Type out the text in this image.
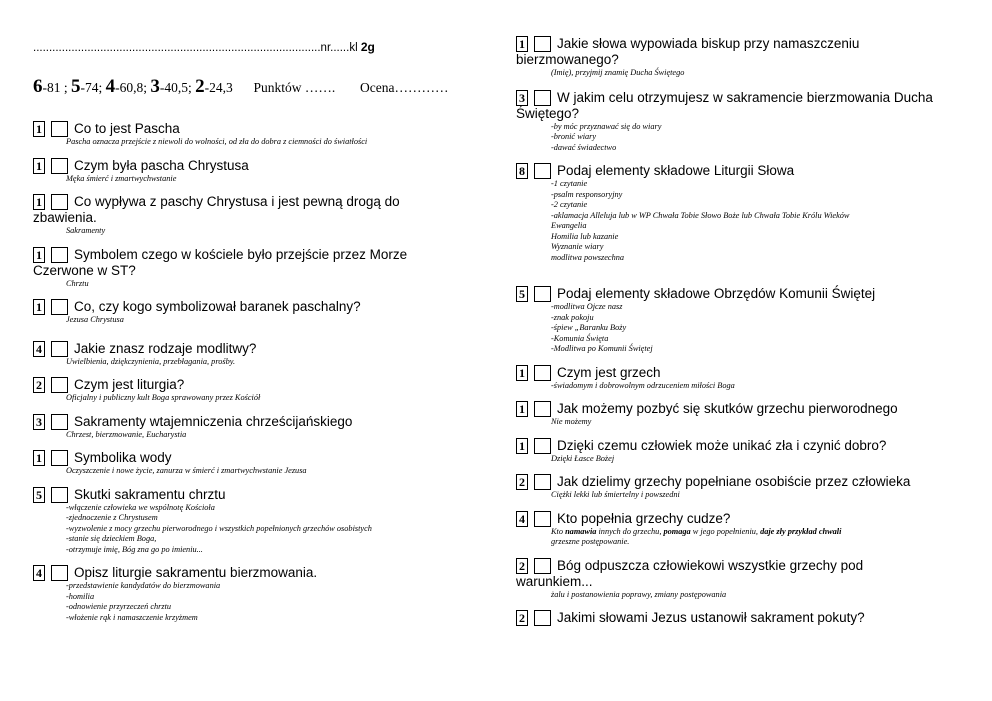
..........................................................................................nr......kl 2g
6-81 ; 5-74; 4-60,8; 3-40,5; 2-24,3 Punktów ……. Ocena…………
1 Co to jest Pascha
Pascha oznacza przejście z niewoli do wolności, od zła do dobra z ciemności do światłości
1 Czym była pascha Chrystusa
Męka śmierć i zmartwychwstanie
1 Co wypływa z paschy Chrystusa i jest pewną drogą do
zbawienia.
Sakramenty
1 Symbolem czego w kościele było przejście przez Morze
Czerwone w ST?
Chrztu
1 Co, czy kogo symbolizował baranek paschalny?
Jezusa Chrystusa
4 Jakie znasz rodzaje modlitwy?
Uwielbienia, dziękczynienia, przebłagania, prośby.
2 Czym jest liturgia?
Oficjalny i publiczny kult Boga sprawowany przez Kościół
3 Sakramenty wtajemniczenia chrześcijańskiego
Chrzest, bierzmowanie, Eucharystia
1 Symbolika wody
Oczyszczenie i nowe życie, zanurza w śmierć i zmartwychwstanie Jezusa
5 Skutki sakramentu chrztu
-włączenie człowieka we wspólnotę Kościoła
-zjednoczenie z Chrystusem
-wyzwolenie z mocy grzechu pierworodnego i wszystkich popełnionych grzechów osobistych
-stanie się dzieckiem Boga,
-otrzymuje imię, Bóg zna go po imieniu...
4 Opisz liturgie sakramentu bierzmowania.
-przedstawienie kandydatów do bierzmowania
-homilia
-odnowienie przyrzeczeń chrztu
-włożenie rąk i namaszczenie krzyżmem
1 Jakie słowa wypowiada biskup przy namaszczeniu
bierzmowanego?
(Imię), przyjmij znamię Ducha Świętego
3 W jakim celu otrzymujesz w sakramencie bierzmowania Ducha
Świętego?
-by móc przyznawać się do wiary
-bronić wiary
-dawać świadectwo
8 Podaj elementy składowe Liturgii Słowa
-1 czytanie
-psalm responsoryjny
-2 czytanie
-aklamacja Alleluja lub w WP Chwała Tobie Słowo Boże lub Chwała Tobie Królu Wieków
Ewangelia
Homilia lub kazanie
Wyznanie wiary
modlitwa powszechna
5 Podaj elementy składowe Obrzędów Komunii Świętej
-modlitwa Ojcze nasz
-znak pokoju
-śpiew „Baranku Boży
-Komunia Święta
-Modlitwa po Komunii Świętej
1 Czym jest grzech
-świadomym i dobrowolnym odrzuceniem miłości Boga
1 Jak możemy pozbyć się skutków grzechu pierworodnego
Nie możemy
1 Dzięki czemu człowiek może unikać zła i czynić dobro?
Dzięki Łasce Bożej
2 Jak dzielimy grzechy popełniane osobiście przez człowieka
Ciężki lekki lub śmiertelny i powszedni
4 Kto popełnia grzechy cudze?
Kto namawia innych do grzechu, pomaga w jego popełnieniu, daje zły przykład chwali
grzeszne postępowanie.
2 Bóg odpuszcza człowiekowi wszystkie grzechy pod
warunkiem...
żalu i postanowienia poprawy, zmiany postępowania
2 Jakimi słowami Jezus ustanowił sakrament pokuty?
